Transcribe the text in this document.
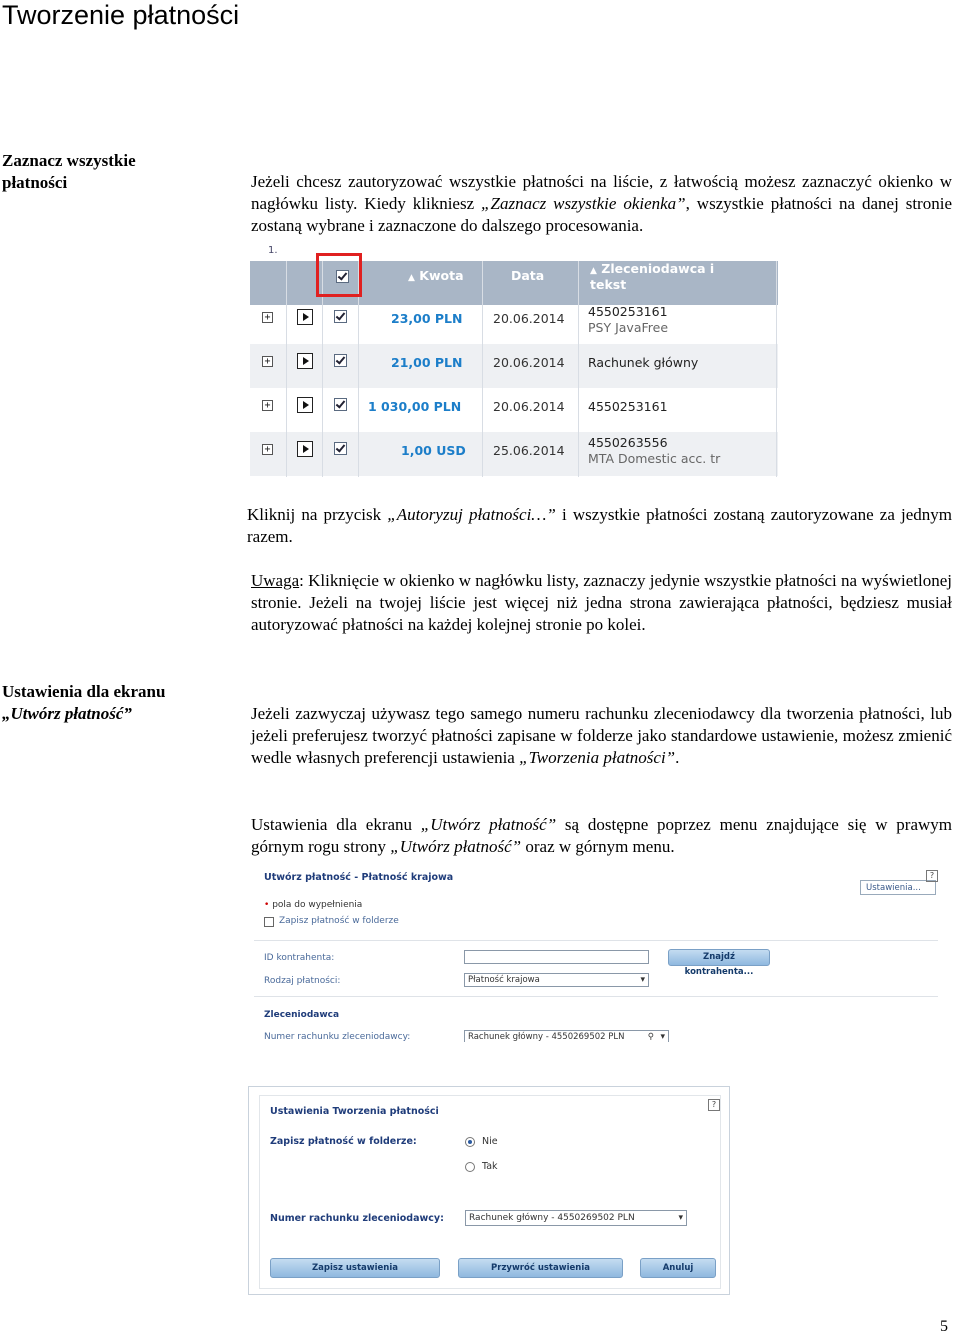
Tworzenie płatności
Zaznacz wszystkie
płatności	Jeżeli chcesz zautoryzować wszystkie płatności na liście, z łatwością możesz zaznaczyć okienko w nagłówku listy. Kiedy klikniesz „Zaznacz wszystkie okienka”, wszystkie płatności na danej stronie zostaną wybrane i zaznaczone do dalszego procesowania.
1.
▲ Kwota	Data	▲ Zleceniodawca i
tekst
+	23,00 PLN 20.06.2014 4550253161
PSY JavaFree
+	21,00 PLN 20.06.2014 Rachunek główny
+	1 030,00 PLN	20.06.2014 4550253161
+	1,00 USD 25.06.2014
4550263556
MTA Domestic acc. tr
Kliknij na przycisk „Autoryzuj płatności…” i wszystkie płatności zostaną zautoryzowane za jednym razem.
Uwaga: Kliknięcie w okienko w nagłówku listy, zaznaczy jedynie wszystkie płatności na wyświetlonej stronie. Jeżeli na twojej liście jest więcej niż jedna strona zawierająca płatności, będziesz musiał autoryzować płatności na każdej kolejnej stronie po kolei.
Ustawienia dla ekranu
„Utwórz płatność”	Jeżeli zazwyczaj używasz tego samego numeru rachunku zleceniodawcy dla tworzenia płatności, lub jeżeli preferujesz tworzyć płatności zapisane w folderze jako standardowe ustawienie, możesz zmienić wedle własnych preferencji ustawienia „Tworzenia płatności”.
Ustawienia dla ekranu „Utwórz płatność” są dostępne poprzez menu znajdujące się w prawym górnym rogu strony „Utwórz płatność” oraz w górnym menu.
Utwórz płatność - Płatność krajowa
Ustawienia...
?
• pola do wypełnienia
Zapisz płatność w folderze
ID kontrahenta:	Znajdź kontrahenta...
Rodzaj płatności:	Płatność krajowa ▾
Zleceniodawca
Numer rachunku zleceniodawcy:	Rachunek główny - 4550269502 PLN	⚲
▾
Ustawienia Tworzenia płatności
?
Zapisz płatność w folderze:	Nie
Tak
Numer rachunku zleceniodawcy:	Rachunek główny - 4550269502 PLN ▾
Zapisz ustawienia	Przywróć ustawienia	Anuluj
5
